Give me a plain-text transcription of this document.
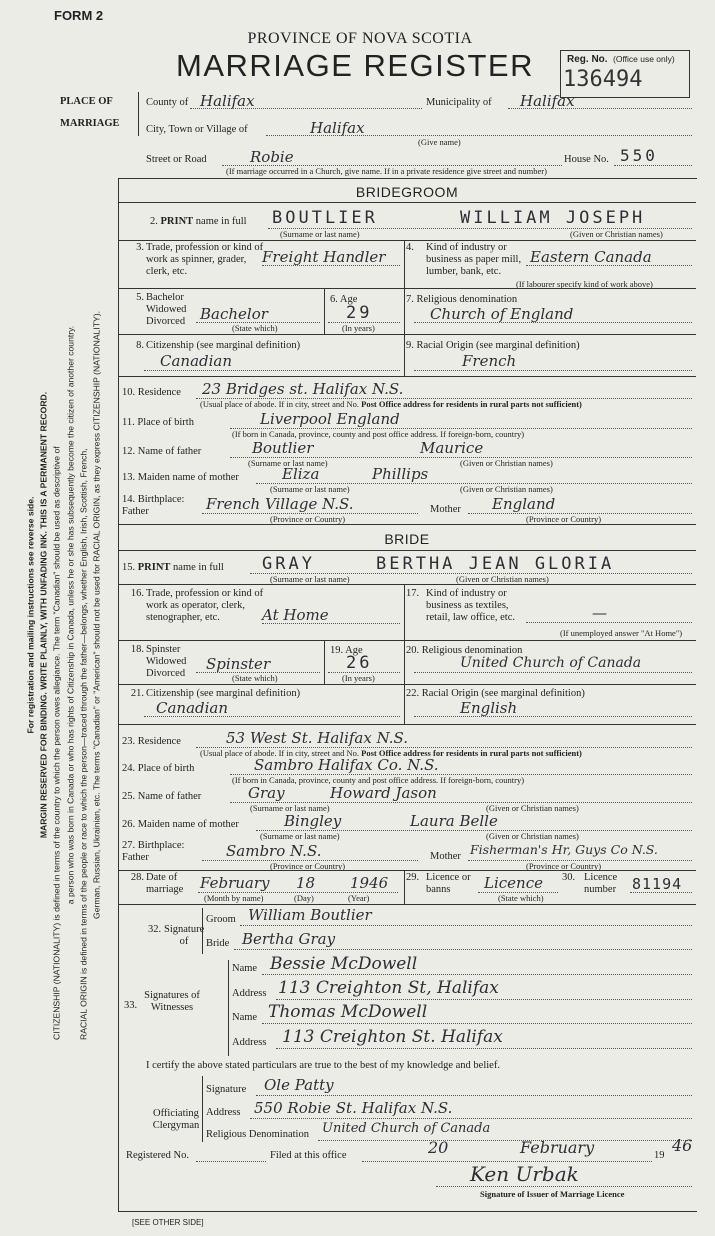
FORM 2
PROVINCE OF NOVA SCOTIA
MARRIAGE REGISTER	Reg. No. (Office use only)
136494
PLACE OF
MARRIAGE
County of Halifax	Municipality of Halifax
City, Town or Village of	Halifax
(Give name)
Street or Road	Robie	House No. 550
(If marriage occurred in a Church, give name. If in a private residence give street and number)
For registration and mailing instructions see reverse side. MARGIN RESERVED FOR BINDING. WRITE PLAINLY, WITH UNFADING INK. THIS IS A PERMANENT RECORD. CITIZENSHIP (NATIONALITY) is defined in terms of the country to which the person owes allegiance. The term "Canadian" should be used as descriptive of a person who was born in Canada or who has rights of Citizenship in Canada, unless he or she has subsequently become the citizen of another country. RACIAL ORIGIN is defined in terms of the people or race to which the person—traced through the father—belongs, whether English, Irish, Scottish, French, German, Russian, Ukrainian, etc. The terms "Canadian" or "American" should not be used for RACIAL ORIGIN, as they express CITIZENSHIP (NATIONALITY).
BRIDEGROOM
2. PRINT name in full BOUTLIER	WILLIAM JOSEPH
(Surname or last name)	(Given or Christian names)
3. Trade, profession or kind of work as spinner, grader, clerk, etc.
Freight Handler
4.	Kind of industry or business as paper mill, lumber, bank, etc.
Eastern Canada
(If labourer specify kind of work above)
5. Bachelor Widowed Divorced Bachelor
(State which)
6. Age
29
(In years)
7. Religious denomination
Church of England
8. Citizenship (see marginal definition)
Canadian
9. Racial Origin (see marginal definition)
French
10. Residence 23 Bridges st. Halifax N.S.
(Usual place of abode. If in city, street and No. Post Office address for residents in rural parts not sufficient)
11. Place of birth	Liverpool England
(If born in Canada, province, county and post office address. If foreign-born, country)
12. Name of father	Boutlier	Maurice
(Surname or last name)	(Given or Christian names)
13. Maiden name of mother	Eliza	Phillips
(Surname or last name)	(Given or Christian names)
14. Birthplace: Father	French Village N.S.	Mother England
(Province or Country)	(Province or Country)
BRIDE
15. PRINT name in full GRAY	BERTHA JEAN GLORIA
(Surname or last name)	(Given or Christian names)
16. Trade, profession or kind of work as operator, clerk, stenographer, etc.	At Home
17. Kind of industry or business as textiles, retail, law office, etc.	—
(If unemployed answer "At Home")
18. Spinster Widowed Divorced
Spinster
(State which)
19. Age
26
(In years)
20. Religious denomination
United Church of Canada
21. Citizenship (see marginal definition)
Canadian
22. Racial Origin (see marginal definition)
English
23. Residence	53 West St. Halifax N.S.
(Usual place of abode. If in city, street and No. Post Office address for residents in rural parts not sufficient)
24. Place of birth	Sambro Halifax Co. N.S.
(If born in Canada, province, county and post office address. If foreign-born, country)
25. Name of father	Gray	Howard Jason
(Surname or last name)	(Given or Christian names)
26. Maiden name of mother	Bingley	Laura Belle
(Surname or last name)	(Given or Christian names)
27. Birthplace: Father	Sambro N.S.	Mother Fisherman's Hr, Guys Co N.S.
(Province or Country)	(Province or Country)
28. Date of marriage	February 18 1946
(Month by name)	(Day)	(Year)
29. Licence or banns	Licence
(State which)
30. Licence number	81194
32. Signature of
Groom William Boutlier
Bride Bertha Gray
33.
Signatures of Witnesses
Name Bessie McDowell
Address 113 Creighton St, Halifax
Name Thomas McDowell
Address 113 Creighton St. Halifax
I certify the above stated particulars are true to the best of my knowledge and belief.
Officiating Clergyman
Signature Ole Patty
Address 550 Robie St. Halifax N.S.
Religious Denomination United Church of Canada
Registered No.	Filed at this office	20	February	19
46
Ken Urbak
Signature of Issuer of Marriage Licence
[SEE OTHER SIDE]
